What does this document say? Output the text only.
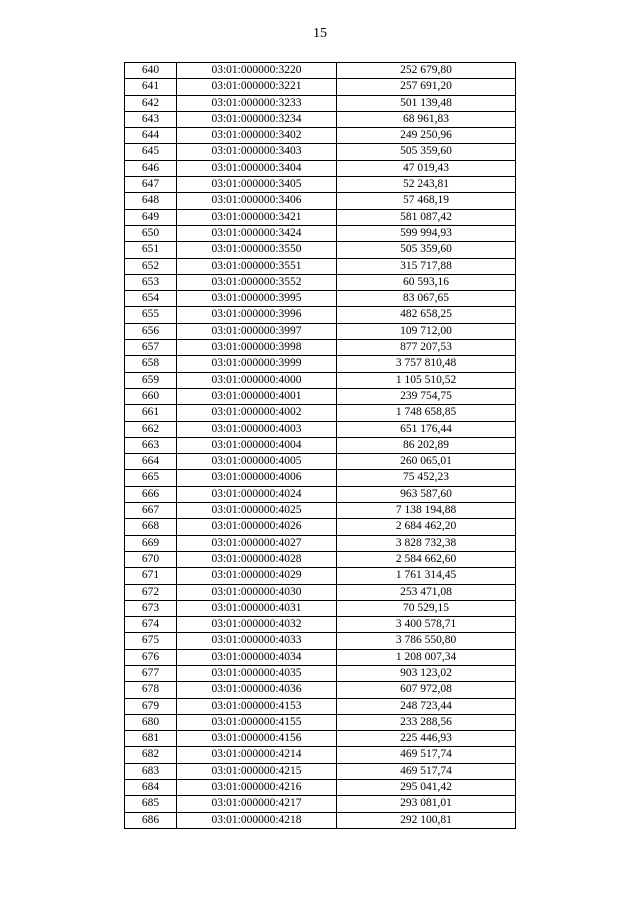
15
640	03:01:000000:3220	252 679,80
641	03:01:000000:3221	257 691,20
642	03:01:000000:3233	501 139,48
643	03:01:000000:3234	68 961,83
644	03:01:000000:3402	249 250,96
645	03:01:000000:3403	505 359,60
646	03:01:000000:3404	47 019,43
647	03:01:000000:3405	52 243,81
648	03:01:000000:3406	57 468,19
649	03:01:000000:3421	581 087,42
650	03:01:000000:3424	599 994,93
651	03:01:000000:3550	505 359,60
652	03:01:000000:3551	315 717,88
653	03:01:000000:3552	60 593,16
654	03:01:000000:3995	83 067,65
655	03:01:000000:3996	482 658,25
656	03:01:000000:3997	109 712,00
657	03:01:000000:3998	877 207,53
658	03:01:000000:3999	3 757 810,48
659	03:01:000000:4000	1 105 510,52
660	03:01:000000:4001	239 754,75
661	03:01:000000:4002	1 748 658,85
662	03:01:000000:4003	651 176,44
663	03:01:000000:4004	86 202,89
664	03:01:000000:4005	260 065,01
665	03:01:000000:4006	75 452,23
666	03:01:000000:4024	963 587,60
667	03:01:000000:4025	7 138 194,88
668	03:01:000000:4026	2 684 462,20
669	03:01:000000:4027	3 828 732,38
670	03:01:000000:4028	2 584 662,60
671	03:01:000000:4029	1 761 314,45
672	03:01:000000:4030	253 471,08
673	03:01:000000:4031	70 529,15
674	03:01:000000:4032	3 400 578,71
675	03:01:000000:4033	3 786 550,80
676	03:01:000000:4034	1 208 007,34
677	03:01:000000:4035	903 123,02
678	03:01:000000:4036	607 972,08
679	03:01:000000:4153	248 723,44
680	03:01:000000:4155	233 288,56
681	03:01:000000:4156	225 446,93
682	03:01:000000:4214	469 517,74
683	03:01:000000:4215	469 517,74
684	03:01:000000:4216	295 041,42
685	03:01:000000:4217	293 081,01
686	03:01:000000:4218	292 100,81
